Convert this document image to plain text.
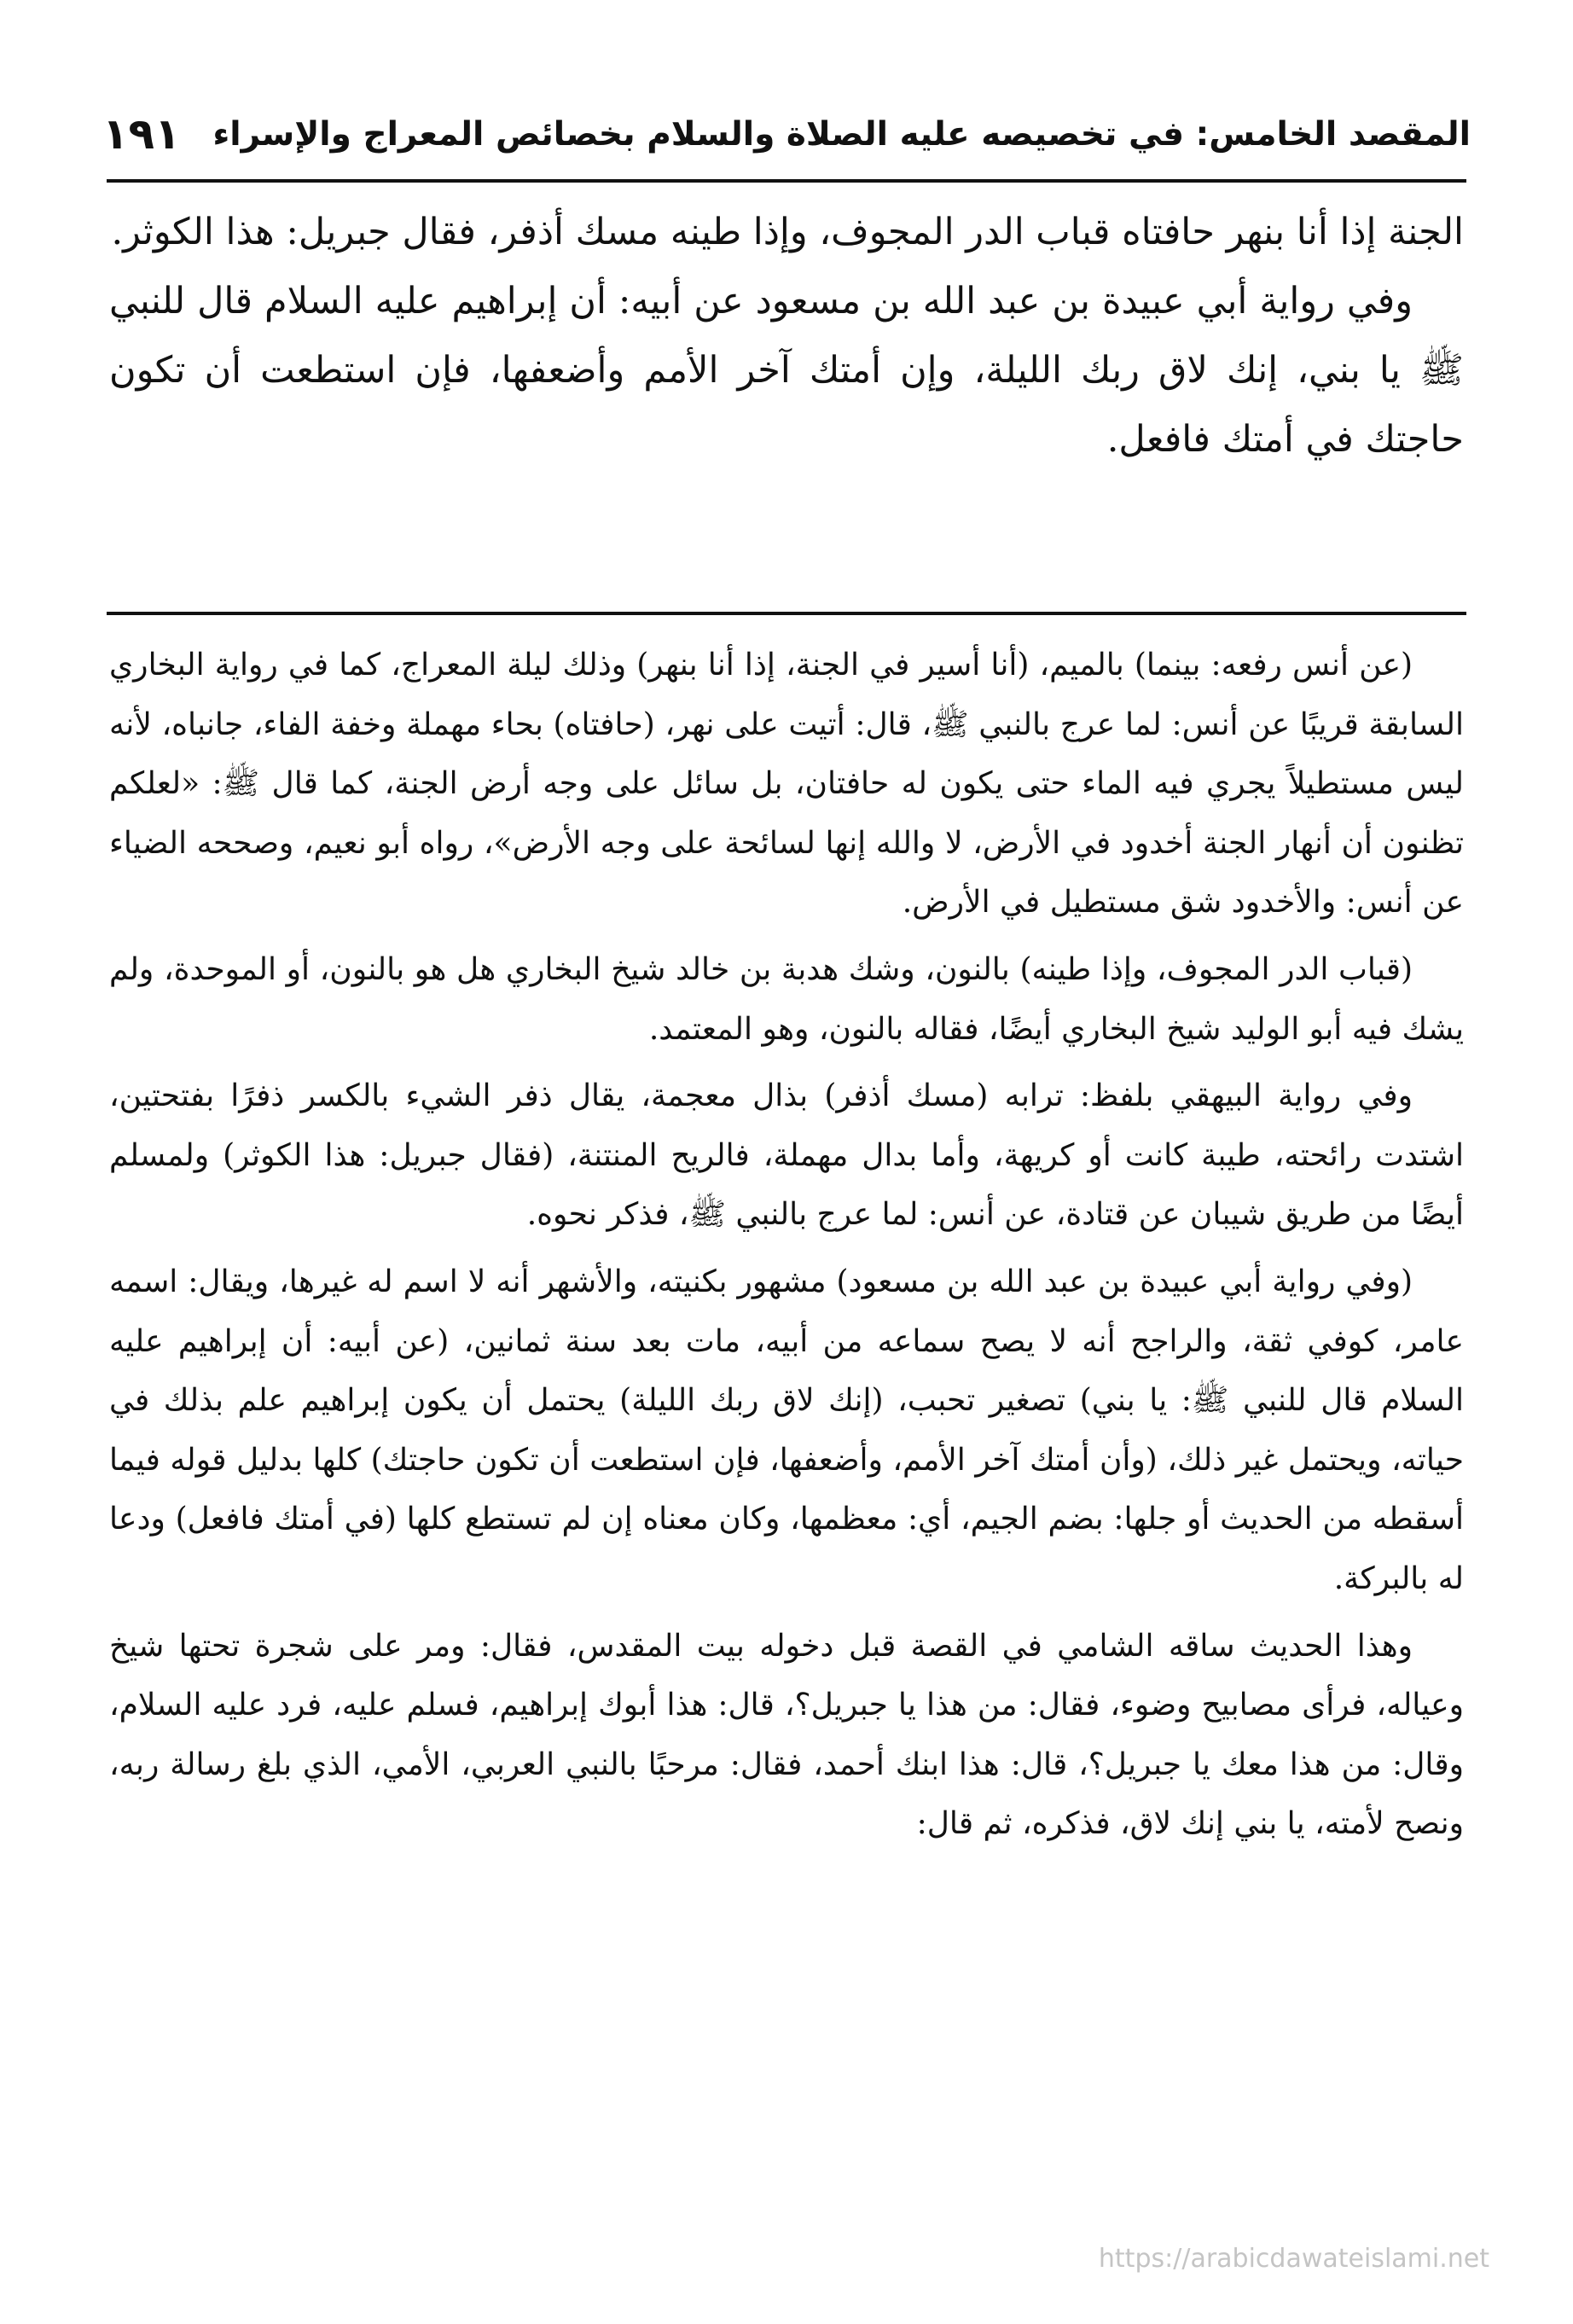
المقصد الخامس: في تخصيصه عليه الصلاة والسلام بخصائص المعراج والإسراء
١٩١

الجنة إذا أنا بنهر حافتاه قباب الدر المجوف، وإذا طينه مسك أذفر، فقال جبريل: هذا الكوثر.

وفي رواية أبي عبيدة بن عبد الله بن مسعود عن أبيه: أن إبراهيم عليه السلام قال للنبي ﷺ يا بني، إنك لاق ربك الليلة، وإن أمتك آخر الأمم وأضعفها، فإن استطعت أن تكون حاجتك في أمتك فافعل.

(عن أنس رفعه: بينما) بالميم، (أنا أسير في الجنة، إذا أنا بنهر) وذلك ليلة المعراج، كما في رواية البخاري السابقة قريبًا عن أنس: لما عرج بالنبي ﷺ، قال: أتيت على نهر، (حافتاه) بحاء مهملة وخفة الفاء، جانباه، لأنه ليس مستطيلاً يجري فيه الماء حتى يكون له حافتان، بل سائل على وجه أرض الجنة، كما قال ﷺ: «لعلكم تظنون أن أنهار الجنة أخدود في الأرض، لا والله إنها لسائحة على وجه الأرض»، رواه أبو نعيم، وصححه الضياء عن أنس: والأخدود شق مستطيل في الأرض.

(قباب الدر المجوف، وإذا طينه) بالنون، وشك هدبة بن خالد شيخ البخاري هل هو بالنون، أو الموحدة، ولم يشك فيه أبو الوليد شيخ البخاري أيضًا، فقاله بالنون، وهو المعتمد.

وفي رواية البيهقي بلفظ: ترابه (مسك أذفر) بذال معجمة، يقال ذفر الشيء بالكسر ذفرًا بفتحتين، اشتدت رائحته، طيبة كانت أو كريهة، وأما بدال مهملة، فالريح المنتنة، (فقال جبريل: هذا الكوثر) ولمسلم أيضًا من طريق شيبان عن قتادة، عن أنس: لما عرج بالنبي ﷺ، فذكر نحوه.

(وفي رواية أبي عبيدة بن عبد الله بن مسعود) مشهور بكنيته، والأشهر أنه لا اسم له غيرها، ويقال: اسمه عامر، كوفي ثقة، والراجح أنه لا يصح سماعه من أبيه، مات بعد سنة ثمانين، (عن أبيه: أن إبراهيم عليه السلام قال للنبي ﷺ: يا بني) تصغير تحبب، (إنك لاق ربك الليلة) يحتمل أن يكون إبراهيم علم بذلك في حياته، ويحتمل غير ذلك، (وأن أمتك آخر الأمم، وأضعفها، فإن استطعت أن تكون حاجتك) كلها بدليل قوله فيما أسقطه من الحديث أو جلها: بضم الجيم، أي: معظمها، وكان معناه إن لم تستطع كلها (في أمتك فافعل) ودعا له بالبركة.

وهذا الحديث ساقه الشامي في القصة قبل دخوله بيت المقدس، فقال: ومر على شجرة تحتها شيخ وعياله، فرأى مصابيح وضوء، فقال: من هذا يا جبريل؟، قال: هذا أبوك إبراهيم، فسلم عليه، فرد عليه السلام، وقال: من هذا معك يا جبريل؟، قال: هذا ابنك أحمد، فقال: مرحبًا بالنبي العربي، الأمي، الذي بلغ رسالة ربه، ونصح لأمته، يا بني إنك لاق، فذكره، ثم قال:

https://arabicdawateislami.net
